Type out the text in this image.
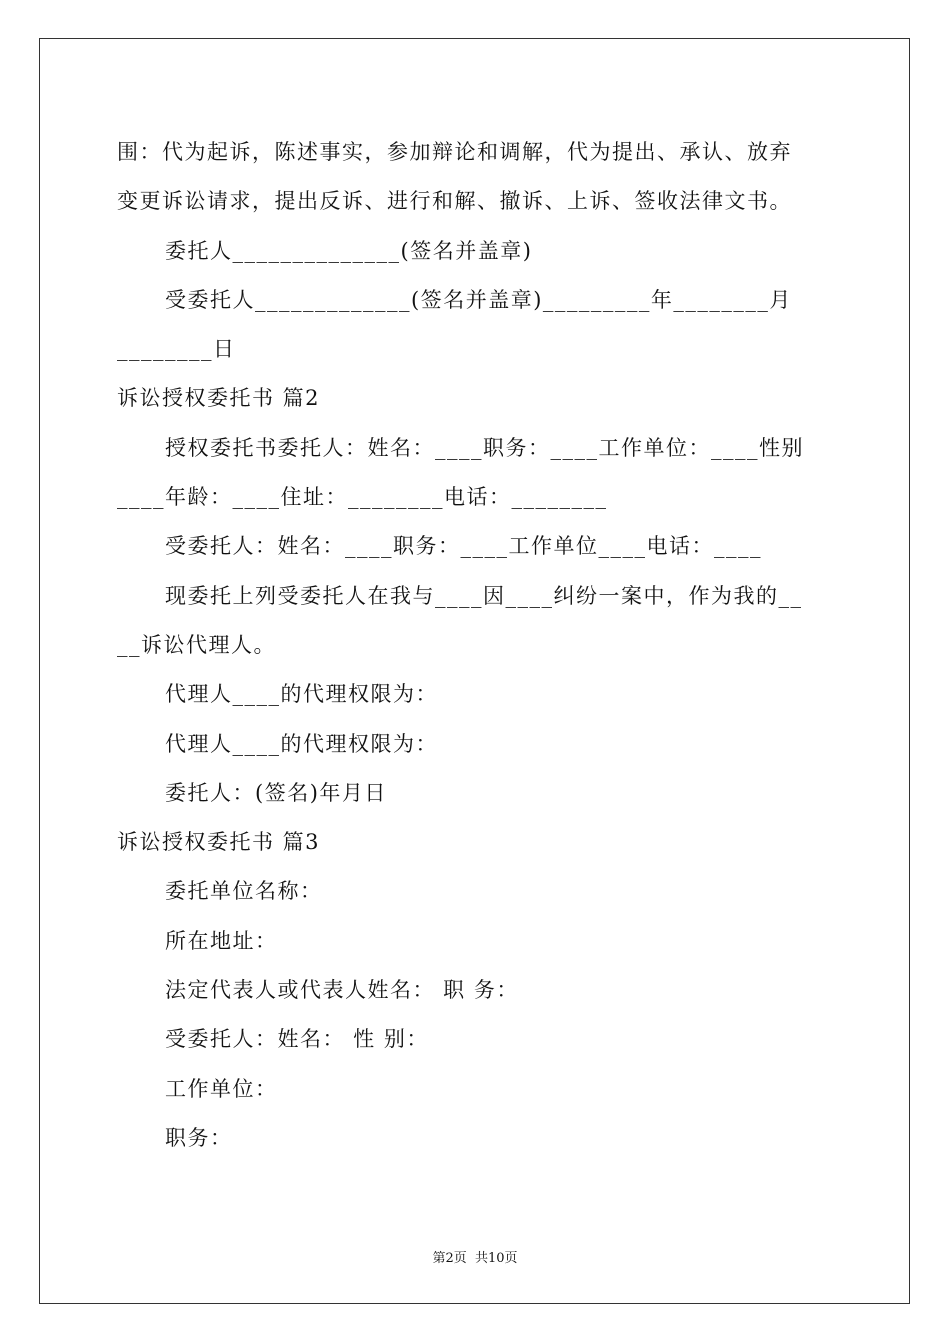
围：代为起诉，陈述事实，参加辩论和调解，代为提出、承认、放弃
变更诉讼请求，提出反诉、进行和解、撤诉、上诉、签收法律文书。
委托人______________(签名并盖章)
受委托人_____________(签名并盖章)_________年________月
________日
诉讼授权委托书 篇2
授权委托书委托人：姓名：____职务：____工作单位：____性别
____年龄：____住址：________电话：________
受委托人：姓名：____职务：____工作单位____电话：____
现委托上列受委托人在我与____因____纠纷一案中，作为我的__
__诉讼代理人。
代理人____的代理权限为：
代理人____的代理权限为：
委托人：(签名)年月日
诉讼授权委托书 篇3
委托单位名称：
所在地址：
法定代表人或代表人姓名： 职 务：
受委托人：姓名： 性 别：
工作单位：
职务：
第2页  共10页
